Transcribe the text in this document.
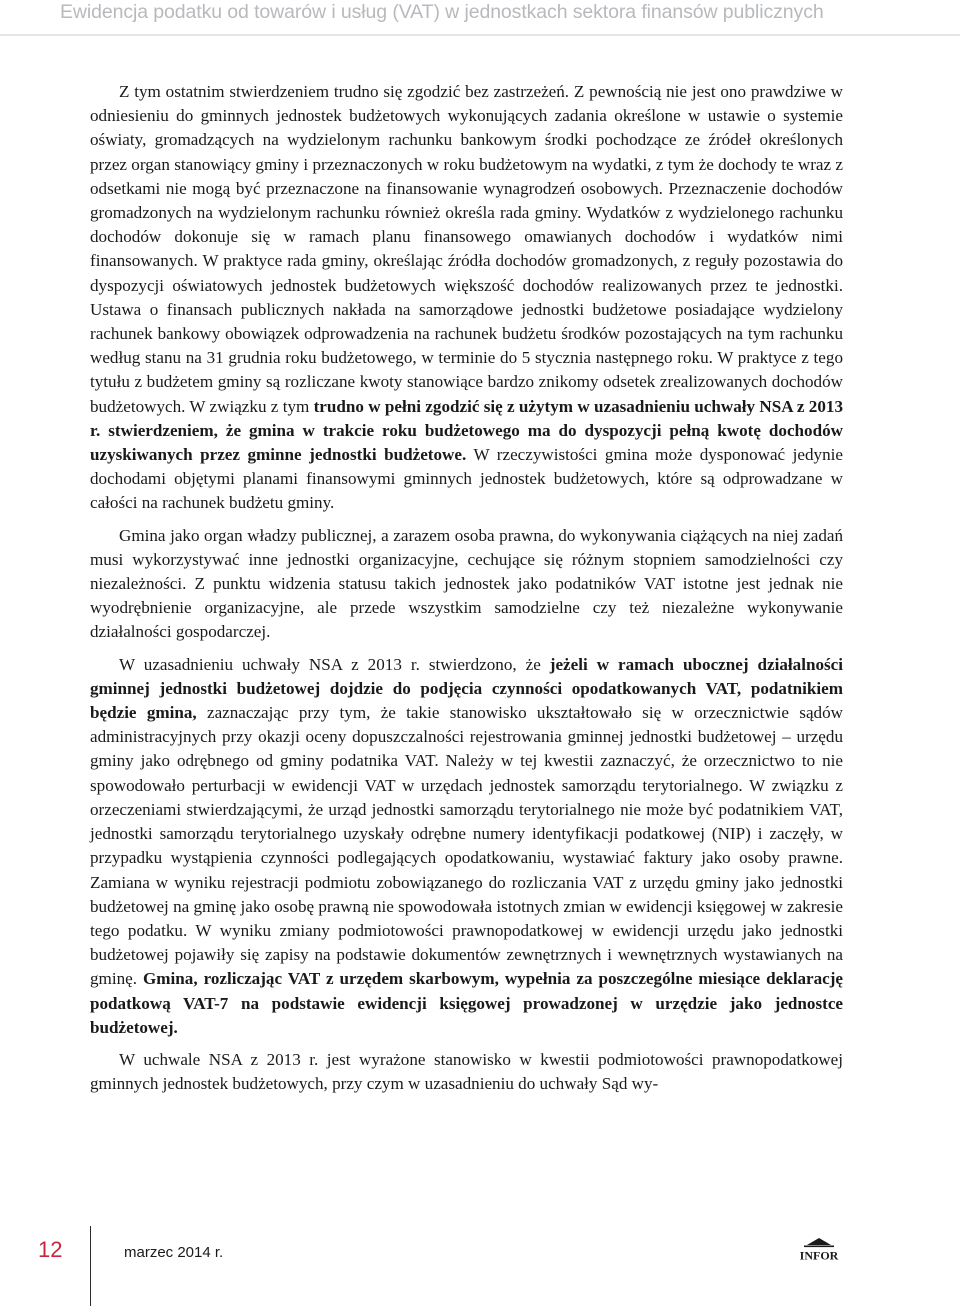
Ewidencja podatku od towarów i usług (VAT) w jednostkach sektora finansów publicznych

Z tym ostatnim stwierdzeniem trudno się zgodzić bez zastrzeżeń. Z pewnością nie jest ono prawdziwe w odniesieniu do gminnych jednostek budżetowych wykonujących zadania określone w ustawie o systemie oświaty, gromadzących na wydzielonym rachunku bankowym środki pochodzące ze źródeł określonych przez organ stanowiący gminy i przeznaczonych w roku budżetowym na wydatki, z tym że dochody te wraz z odsetkami nie mogą być przeznaczone na finansowanie wynagrodzeń osobowych. Przeznaczenie dochodów gromadzonych na wydzielonym rachunku również określa rada gminy. Wydatków z wydzielonego rachunku dochodów dokonuje się w ramach planu finansowego omawianych dochodów i wydatków nimi finansowanych. W praktyce rada gminy, określając źródła dochodów gromadzonych, z reguły pozostawia do dyspozycji oświatowych jednostek budżetowych większość dochodów realizowanych przez te jednostki. Ustawa o finansach publicznych nakłada na samorządowe jednostki budżetowe posiadające wydzielony rachunek bankowy obowiązek odprowadzenia na rachunek budżetu środków pozostających na tym rachunku według stanu na 31 grudnia roku budżetowego, w terminie do 5 stycznia następnego roku. W praktyce z tego tytułu z budżetem gminy są rozliczane kwoty stanowiące bardzo znikomy odsetek zrealizowanych dochodów budżetowych. W związku z tym trudno w pełni zgodzić się z użytym w uzasadnieniu uchwały NSA z 2013 r. stwierdzeniem, że gmina w trakcie roku budżetowego ma do dyspozycji pełną kwotę dochodów uzyskiwanych przez gminne jednostki budżetowe. W rzeczywistości gmina może dysponować jedynie dochodami objętymi planami finansowymi gminnych jednostek budżetowych, które są odprowadzane w całości na rachunek budżetu gminy.

Gmina jako organ władzy publicznej, a zarazem osoba prawna, do wykonywania ciążących na niej zadań musi wykorzystywać inne jednostki organizacyjne, cechujące się różnym stopniem samodzielności czy niezależności. Z punktu widzenia statusu takich jednostek jako podatników VAT istotne jest jednak nie wyodrębnienie organizacyjne, ale przede wszystkim samodzielne czy też niezależne wykonywanie działalności gospodarczej.

W uzasadnieniu uchwały NSA z 2013 r. stwierdzono, że jeżeli w ramach ubocznej działalności gminnej jednostki budżetowej dojdzie do podjęcia czynności opodatkowanych VAT, podatnikiem będzie gmina, zaznaczając przy tym, że takie stanowisko ukształtowało się w orzecznictwie sądów administracyjnych przy okazji oceny dopuszczalności rejestrowania gminnej jednostki budżetowej – urzędu gminy jako odrębnego od gminy podatnika VAT. Należy w tej kwestii zaznaczyć, że orzecznictwo to nie spowodowało perturbacji w ewidencji VAT w urzędach jednostek samorządu terytorialnego. W związku z orzeczeniami stwierdzającymi, że urząd jednostki samorządu terytorialnego nie może być podatnikiem VAT, jednostki samorządu terytorialnego uzyskały odrębne numery identyfikacji podatkowej (NIP) i zaczęły, w przypadku wystąpienia czynności podlegających opodatkowaniu, wystawiać faktury jako osoby prawne. Zamiana w wyniku rejestracji podmiotu zobowiązanego do rozliczania VAT z urzędu gminy jako jednostki budżetowej na gminę jako osobę prawną nie spowodowała istotnych zmian w ewidencji księgowej w zakresie tego podatku. W wyniku zmiany podmiotowości prawnopodatkowej w ewidencji urzędu jako jednostki budżetowej pojawiły się zapisy na podstawie dokumentów zewnętrznych i wewnętrznych wystawianych na gminę. Gmina, rozliczając VAT z urzędem skarbowym, wypełnia za poszczególne miesiące deklarację podatkową VAT-7 na podstawie ewidencji księgowej prowadzonej w urzędzie jako jednostce budżetowej.

W uchwale NSA z 2013 r. jest wyrażone stanowisko w kwestii podmiotowości prawnopodatkowej gminnych jednostek budżetowych, przy czym w uzasadnieniu do uchwały Sąd wy-

12	marzec 2014 r.	INFOR
